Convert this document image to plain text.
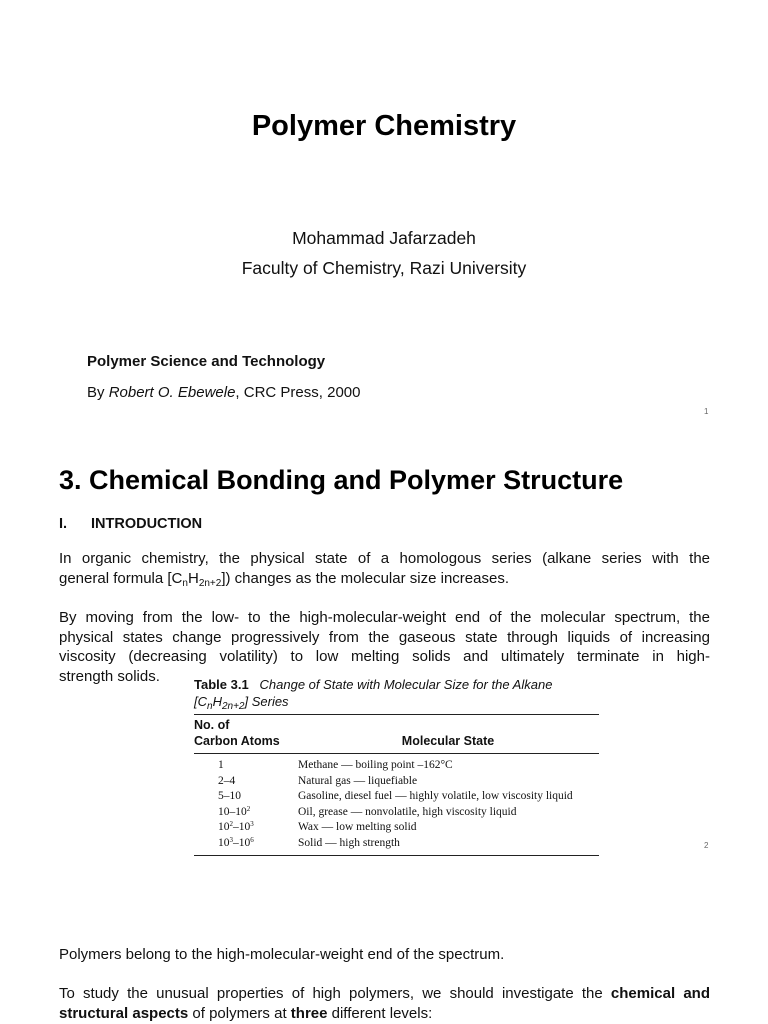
Polymer Chemistry
Mohammad Jafarzadeh
Faculty of Chemistry, Razi University
Polymer Science and Technology
By Robert O. Ebewele, CRC Press, 2000
1
3. Chemical Bonding and Polymer Structure
I. INTRODUCTION
In organic chemistry, the physical state of a homologous series (alkane series with the
general formula $[C_nH_{2n+2}]$) changes as the molecular size increases.
By moving from the low- to the high-molecular-weight end of the molecular spectrum, the
physical states change progressively from the gaseous state through liquids of increasing
viscosity (decreasing volatility) to low melting solids and ultimately terminate in high-
strength solids.	Table 3.1 Change of State with Molecular Size for the Alkane
$[C_nH_{2n+2}]$ Series
No. of
Carbon Atoms	Molecular State
1	Methane — boiling point –162°C
2–4	Natural gas — liquefiable
5–10	Gasoline, diesel fuel — highly volatile, low viscosity liquid
$10-10^2$	Oil, grease — nonvolatile, high viscosity liquid
$10^2-10^3$	Wax — low melting solid
$10^3-10^6$	Solid — high strength	2
Polymers belong to the high-molecular-weight end of the spectrum.
To study the unusual properties of high polymers, we should investigate the chemical and
structural aspects of polymers at three different levels:
